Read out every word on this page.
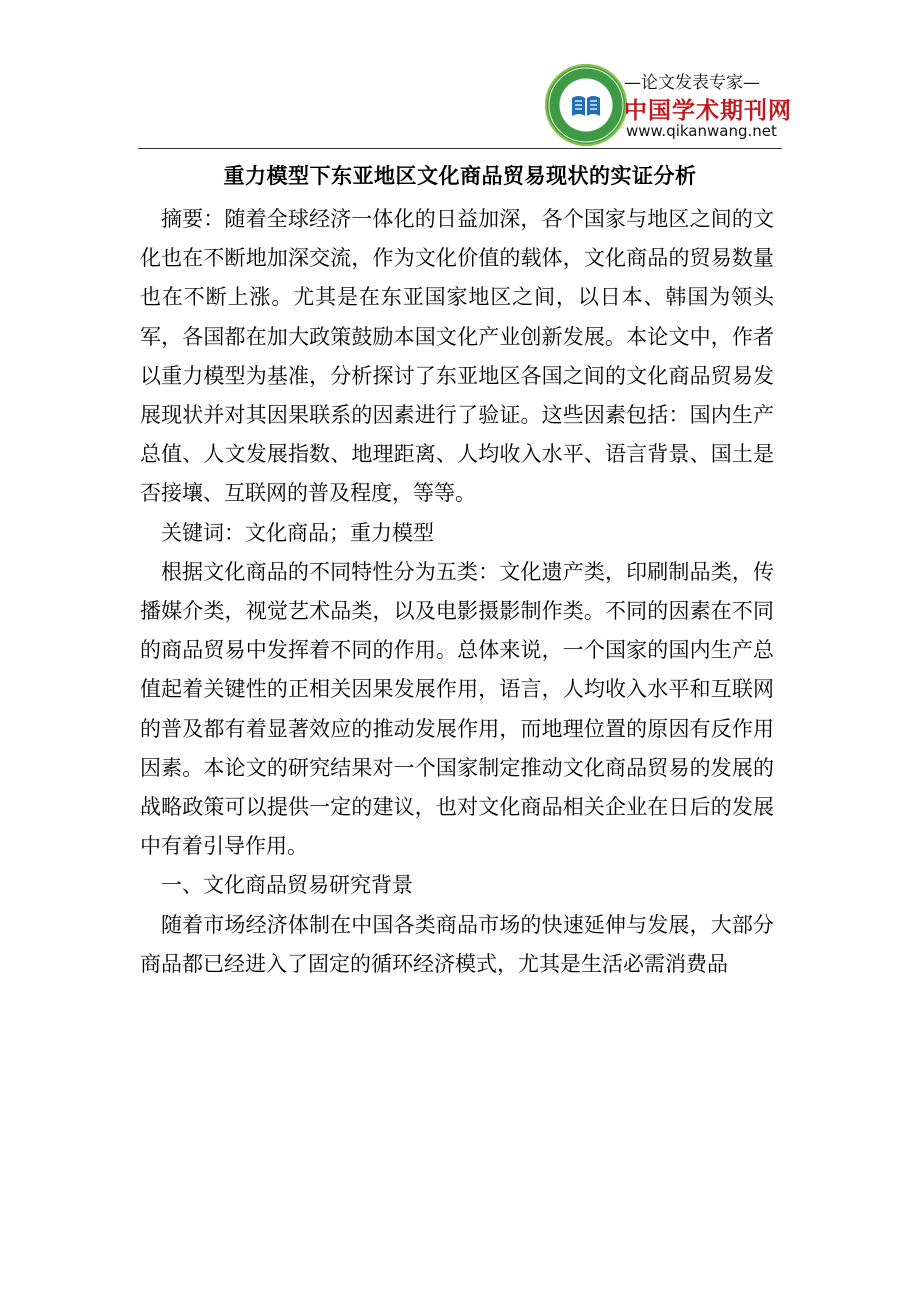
—论文发表专家—
中国学术期刊网
www.qikanwang.net
重力模型下东亚地区文化商品贸易现状的实证分析

摘要：随着全球经济一体化的日益加深，各个国家与地区之间的文化也在不断地加深交流，作为文化价值的载体，文化商品的贸易数量也在不断上涨。尤其是在东亚国家地区之间，以日本、韩国为领头军，各国都在加大政策鼓励本国文化产业创新发展。本论文中，作者以重力模型为基准，分析探讨了东亚地区各国之间的文化商品贸易发展现状并对其因果联系的因素进行了验证。这些因素包括：国内生产总值、人文发展指数、地理距离、人均收入水平、语言背景、国土是否接壤、互联网的普及程度，等等。

关键词：文化商品；重力模型

根据文化商品的不同特性分为五类：文化遗产类，印刷制品类，传播媒介类，视觉艺术品类，以及电影摄影制作类。不同的因素在不同的商品贸易中发挥着不同的作用。总体来说，一个国家的国内生产总值起着关键性的正相关因果发展作用，语言，人均收入水平和互联网的普及都有着显著效应的推动发展作用，而地理位置的原因有反作用因素。本论文的研究结果对一个国家制定推动文化商品贸易的发展的战略政策可以提供一定的建议，也对文化商品相关企业在日后的发展中有着引导作用。

一、文化商品贸易研究背景

随着市场经济体制在中国各类商品市场的快速延伸与发展，大部分商品都已经进入了固定的循环经济模式，尤其是生活必需消费品
